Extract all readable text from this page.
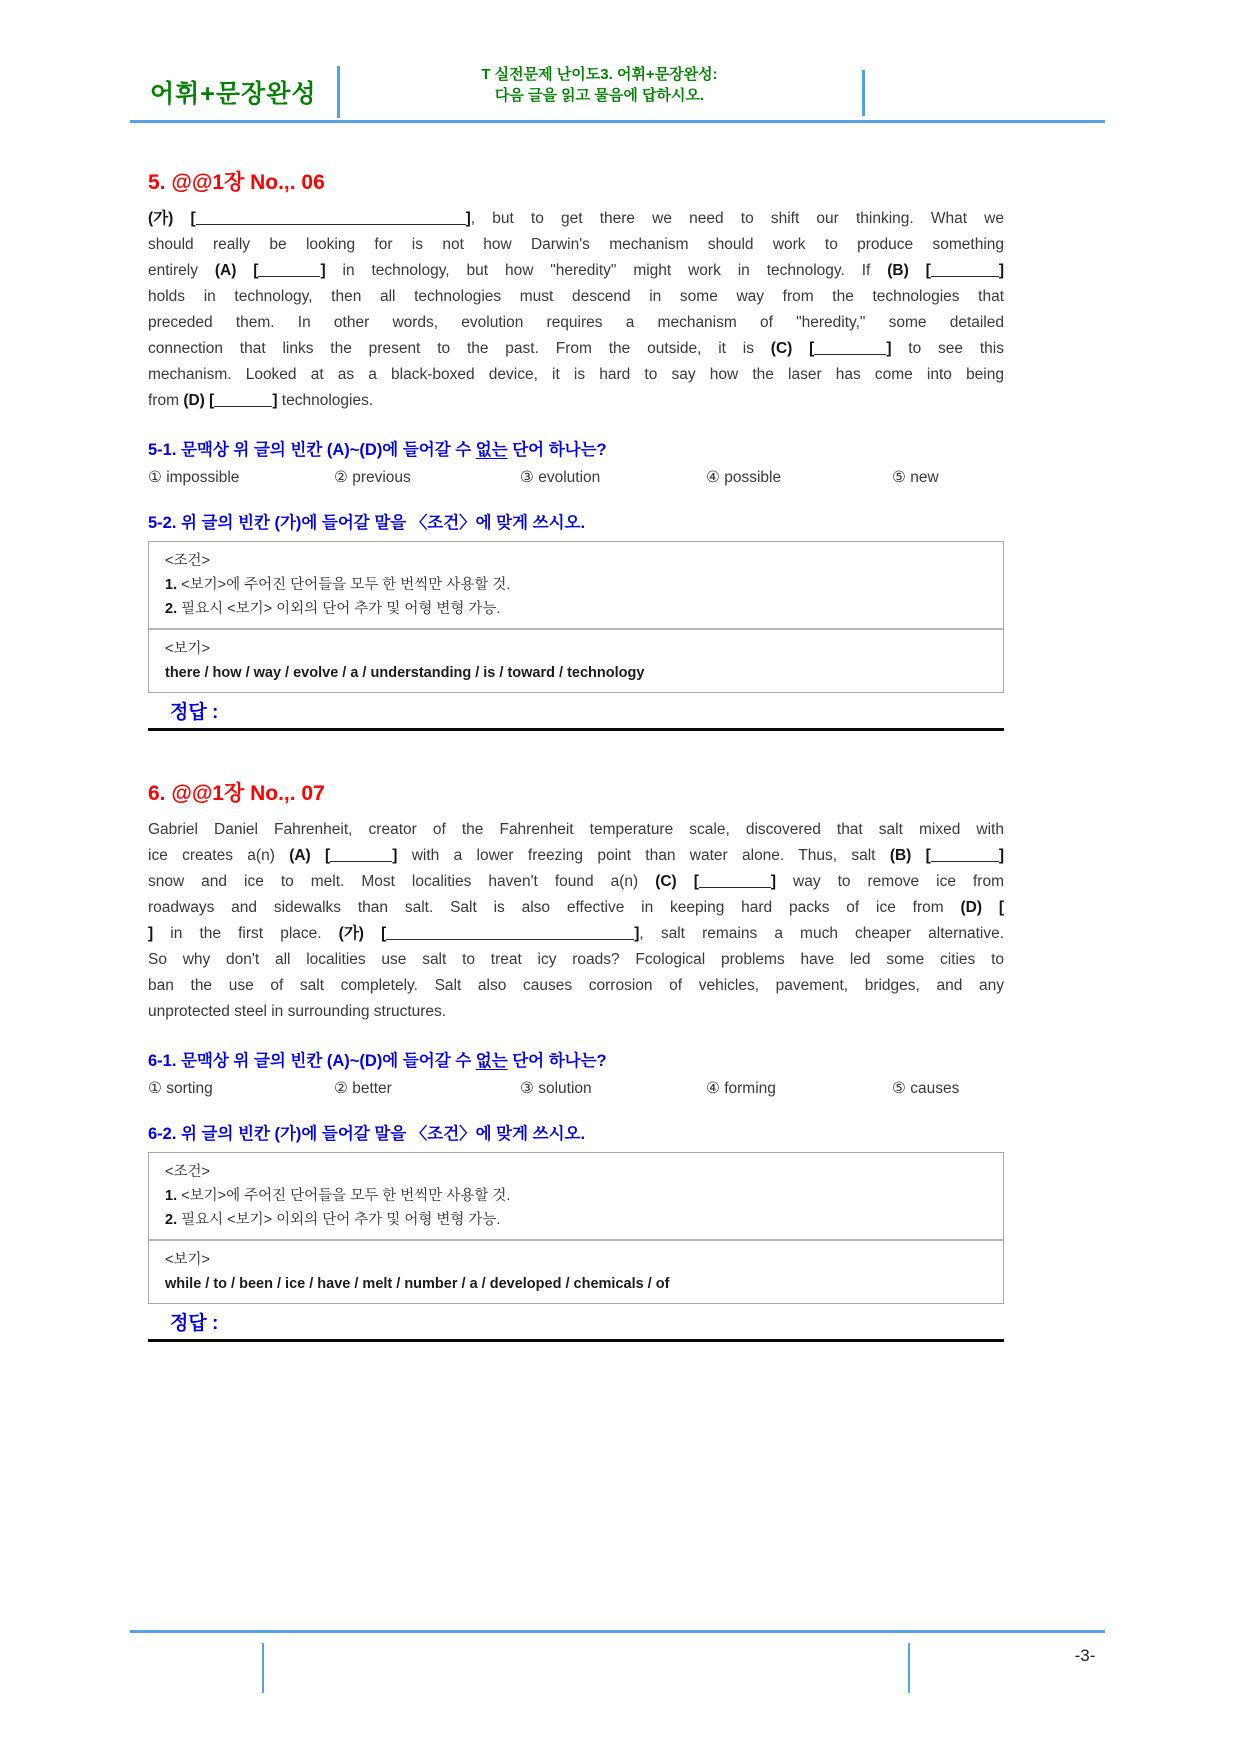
어휘+문장완성
T 실전문제 난이도3. 어휘+문장완성:
다음 글을 읽고 물음에 답하시오.
5. @@1장 No.,. 06
(가) [	], but to get there we need to shift our thinking. What we
should really be looking for is not how Darwin's mechanism should work to produce something
entirely (A) [	] in technology, but how "heredity" might work in technology. If (B) [	]
holds in technology, then all technologies must descend in some way from the technologies that
preceded them. In other words, evolution requires a mechanism of "heredity," some detailed
connection that links the present to the past. From the outside, it is (C) [	] to see this
mechanism. Looked at as a black-boxed device, it is hard to say how the laser has come into being
from (D) [	] technologies.
5-1. 문맥상 위 글의 빈칸 (A)~(D)에 들어갈 수 없는 단어 하나는?
① impossible	② previous	③ evolution	④ possible	⑤ new
5-2. 위 글의 빈칸 (가)에 들어갈 말을 〈조건〉에 맞게 쓰시오.
<조건>
1. <보기>에 주어진 단어들을 모두 한 번씩만 사용할 것.
2. 필요시 <보기> 이외의 단어 추가 및 어형 변형 가능.
<보기>
there / how / way / evolve / a / understanding / is / toward / technology
정답 :
6. @@1장 No.,. 07
Gabriel Daniel Fahrenheit, creator of the Fahrenheit temperature scale, discovered that salt mixed with
ice creates a(n) (A) [	] with a lower freezing point than water alone. Thus, salt (B) [	]
snow and ice to melt. Most localities haven't found a(n) (C) [	] way to remove ice from
roadways and sidewalks than salt. Salt is also effective in keeping hard packs of ice from (D) [
] in the first place. (가) [	], salt remains a much cheaper alternative.
So why don't all localities use salt to treat icy roads? Fcological problems have led some cities to
ban the use of salt completely. Salt also causes corrosion of vehicles, pavement, bridges, and any
unprotected steel in surrounding structures.
6-1. 문맥상 위 글의 빈칸 (A)~(D)에 들어갈 수 없는 단어 하나는?
① sorting	② better	③ solution	④ forming	⑤ causes
6-2. 위 글의 빈칸 (가)에 들어갈 말을 〈조건〉에 맞게 쓰시오.
<조건>
1. <보기>에 주어진 단어들을 모두 한 번씩만 사용할 것.
2. 필요시 <보기> 이외의 단어 추가 및 어형 변형 가능.
<보기>
while / to / been / ice / have / melt / number / a / developed / chemicals / of
정답 :
-3-
